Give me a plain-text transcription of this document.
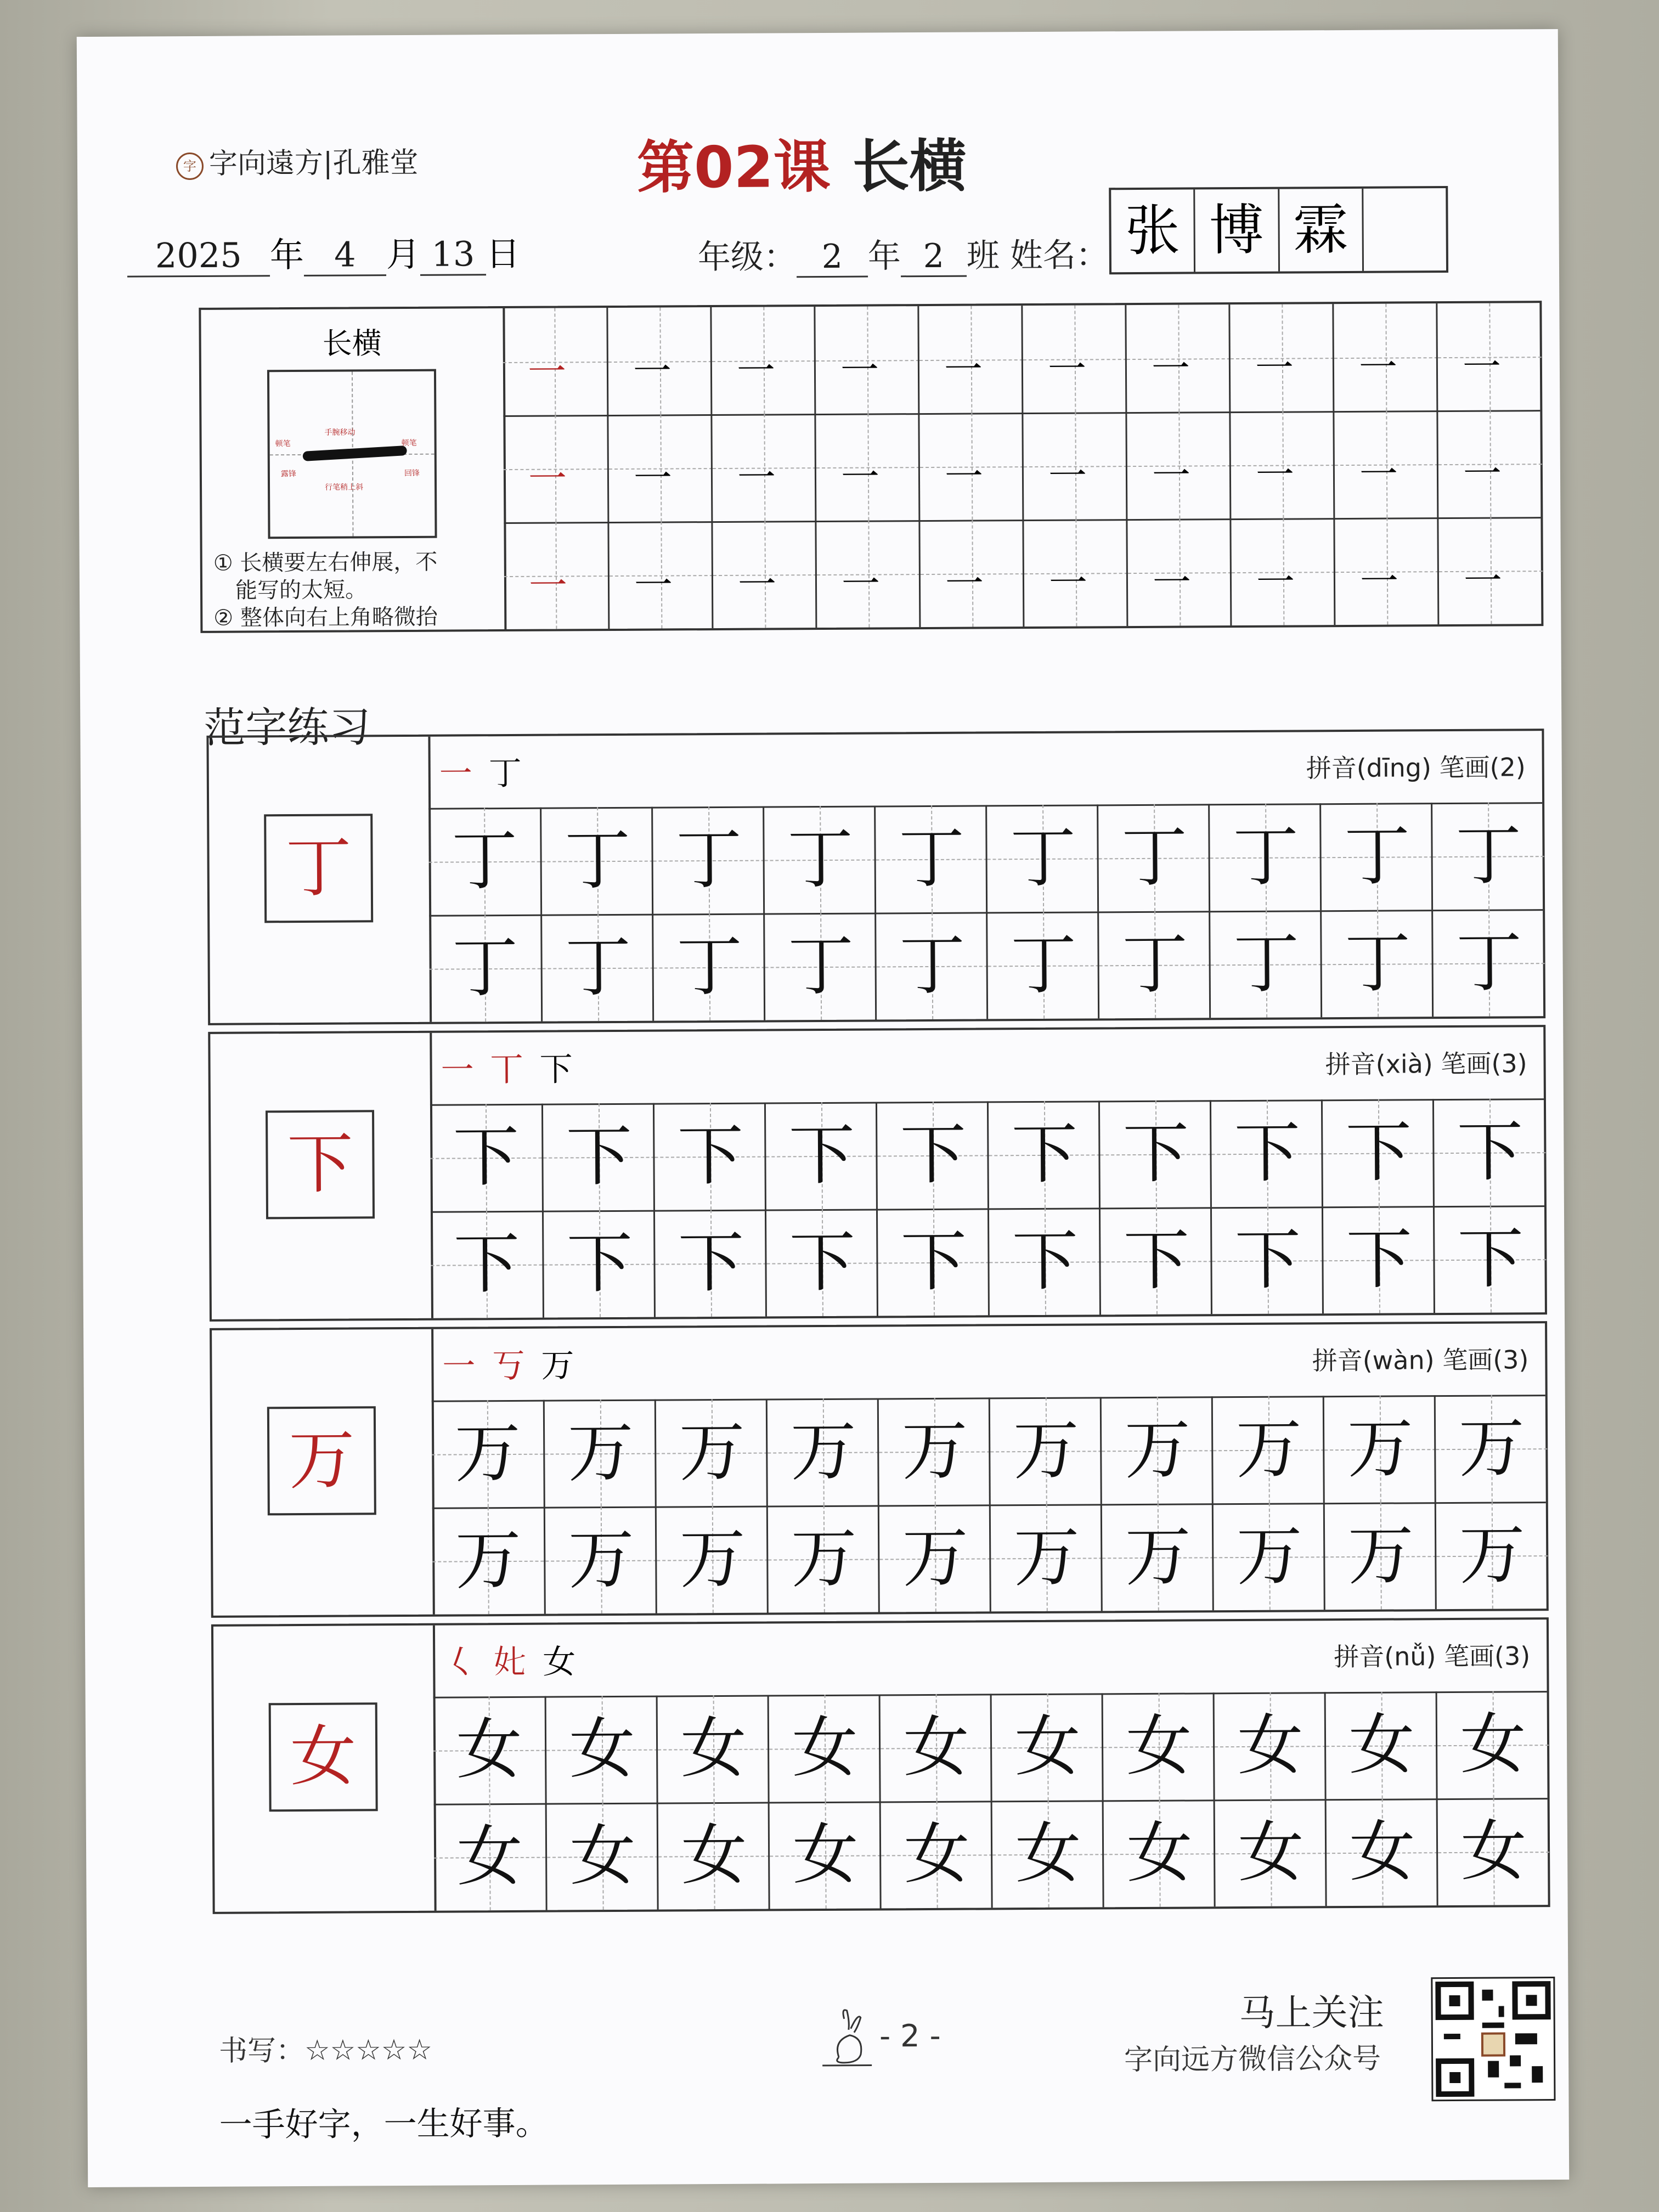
字 字向遠方|孔雅堂	第02课 长横
2025 年 4 月 13 日	年级： 2 年 2 班 姓名： 张 博 霖
长横
手腕移动
顿笔	顿笔
露锋	回锋
行笔稍上斜
① 长横要左右伸展，不
能写的太短。
② 整体向右上角略微抬
一 一 一 一 一 一 一 一 一 一
一 一 一 一 一 一 一 一 一 一
一 一 一 一 一 一 一 一 一 一
范字练习
丁
一 丁	拼音(dīng) 笔画(2)
丁 丁 丁 丁 丁 丁 丁 丁 丁 丁
丁 丁 丁 丁 丁 丁 丁 丁 丁 丁
下
一 丅 下	拼音(xià) 笔画(3)
下 下 下 下 下 下 下 下 下 下
下 下 下 下 下 下 下 下 下 下
万
一 丂 万	拼音(wàn) 笔画(3)
万 万 万 万 万 万 万 万 万 万
万 万 万 万 万 万 万 万 万 万
女
𡿨 𡚨 女	拼音(nǚ) 笔画(3)
女 女 女 女 女 女 女 女 女 女
女 女 女 女 女 女 女 女 女 女
书写：☆☆☆☆☆
一手好字，一生好事。
- 2 -
马上关注
字向远方微信公众号
